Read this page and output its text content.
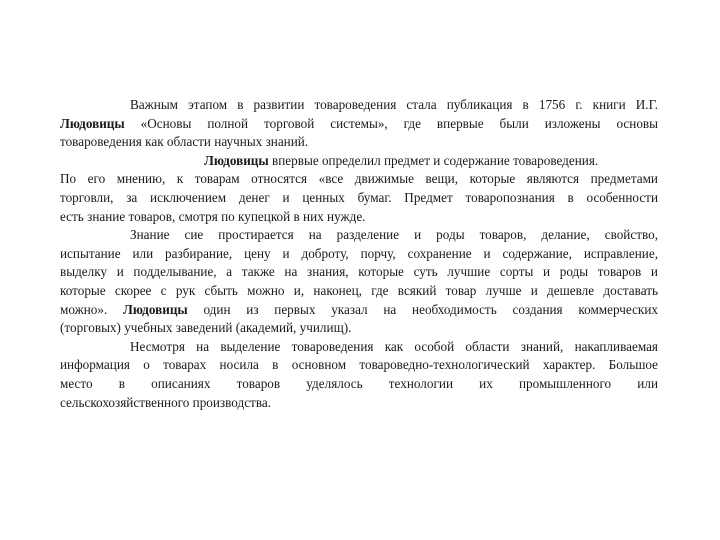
Важным этапом в развитии товароведения стала публикация в 1756 г. книги И.Г.
Людовицы «Основы полной торговой системы», где впервые были изложены основы
товароведения как области научных знаний.
Людовицы впервые определил предмет и содержание товароведения.
По его мнению, к товарам относятся «все движимые вещи, которые являются предметами
торговли, за исключением денег и ценных бумаг. Предмет товаропознания в особенности
есть знание товаров, смотря по купецкой в них нужде.
Знание сие простирается на разделение и роды товаров, делание, свойство,
испытание или разбирание, цену и доброту, порчу, сохранение и содержание, исправление,
выделку и подделывание, а также на знания, которые суть лучшие сорты и роды товаров и
которые скорее с рук сбыть можно и, наконец, где всякий товар лучше и дешевле доставать
можно». Людовицы один из первых указал на необходимость создания коммерческих
(торговых) учебных заведений (академий, училищ).
Несмотря на выделение товароведения как особой области знаний, накапливаемая
информация о товарах носила в основном товароведно-технологический характер. Большое
место в описаниях товаров уделялось технологии их промышленного или
сельскохозяйственного производства.
